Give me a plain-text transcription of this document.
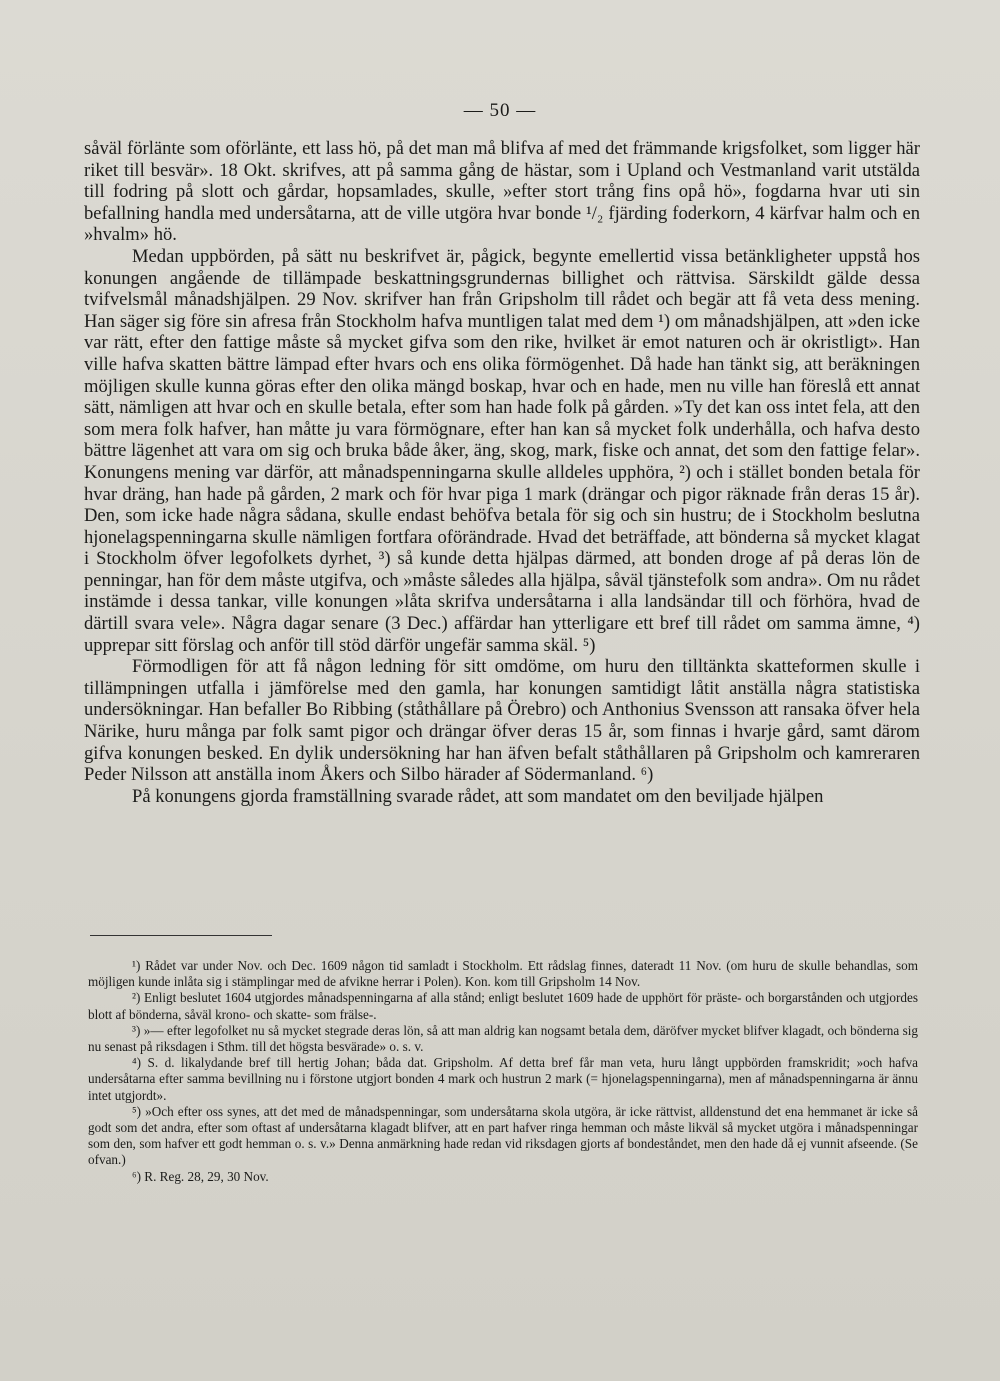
— 50 —

såväl förlänte som oförlänte, ett lass hö, på det man må blifva af med det främmande krigsfolket, som ligger här riket till besvär». 18 Okt. skrifves, att på samma gång de hästar, som i Upland och Vestmanland varit utstälda till fodring på slott och gårdar, hopsamlades, skulle, »efter stort trång fins opå hö», fogdarna hvar uti sin befallning handla med undersåtarna, att de ville utgöra hvar bonde ¹/₂ fjärding foderkorn, 4 kärfvar halm och en »hvalm» hö.

Medan uppbörden, på sätt nu beskrifvet är, pågick, begynte emellertid vissa betänkligheter uppstå hos konungen angående de tillämpade beskattningsgrundernas billighet och rättvisa. Särskildt gälde dessa tvifvelsmål månadshjälpen. 29 Nov. skrifver han från Gripsholm till rådet och begär att få veta dess mening. Han säger sig före sin afresa från Stockholm hafva muntligen talat med dem ¹) om månadshjälpen, att »den icke var rätt, efter den fattige måste så mycket gifva som den rike, hvilket är emot naturen och är okristligt». Han ville hafva skatten bättre lämpad efter hvars och ens olika förmögenhet. Då hade han tänkt sig, att beräkningen möjligen skulle kunna göras efter den olika mängd boskap, hvar och en hade, men nu ville han föreslå ett annat sätt, nämligen att hvar och en skulle betala, efter som han hade folk på gården. »Ty det kan oss intet fela, att den som mera folk hafver, han måtte ju vara förmögnare, efter han kan så mycket folk underhålla, och hafva desto bättre lägenhet att vara om sig och bruka både åker, äng, skog, mark, fiske och annat, det som den fattige felar». Konungens mening var därför, att månadspenningarna skulle alldeles upphöra, ²) och i stället bonden betala för hvar dräng, han hade på gården, 2 mark och för hvar piga 1 mark (drängar och pigor räknade från deras 15 år). Den, som icke hade några sådana, skulle endast behöfva betala för sig och sin hustru; de i Stockholm beslutna hjonelagspenningarna skulle nämligen fortfara oförändrade. Hvad det beträffade, att bönderna så mycket klagat i Stockholm öfver legofolkets dyrhet, ³) så kunde detta hjälpas därmed, att bonden droge af på deras lön de penningar, han för dem måste utgifva, och »måste således alla hjälpa, såväl tjänstefolk som andra». Om nu rådet instämde i dessa tankar, ville konungen »låta skrifva undersåtarna i alla landsändar till och förhöra, hvad de därtill svara vele». Några dagar senare (3 Dec.) affärdar han ytterligare ett bref till rådet om samma ämne, ⁴) upprepar sitt förslag och anför till stöd därför ungefär samma skäl. ⁵)

Förmodligen för att få någon ledning för sitt omdöme, om huru den tilltänkta skatteformen skulle i tillämpningen utfalla i jämförelse med den gamla, har konungen samtidigt låtit anställa några statistiska undersökningar. Han befaller Bo Ribbing (ståthållare på Örebro) och Anthonius Svensson att ransaka öfver hela Närike, huru många par folk samt pigor och drängar öfver deras 15 år, som finnas i hvarje gård, samt därom gifva konungen besked. En dylik undersökning har han äfven befalt ståthållaren på Gripsholm och kamreraren Peder Nilsson att anställa inom Åkers och Silbo härader af Södermanland. ⁶)

På konungens gjorda framställning svarade rådet, att som mandatet om den beviljade hjälpen

¹) Rådet var under Nov. och Dec. 1609 någon tid samladt i Stockholm. Ett rådslag finnes, dateradt 11 Nov. (om huru de skulle behandlas, som möjligen kunde inlåta sig i stämplingar med de afvikne herrar i Polen). Kon. kom till Gripsholm 14 Nov.

²) Enligt beslutet 1604 utgjordes månadspenningarna af alla stånd; enligt beslutet 1609 hade de upphört för präste- och borgarstånden och utgjordes blott af bönderna, såväl krono- och skatte- som frälse-.

³) »— efter legofolket nu så mycket stegrade deras lön, så att man aldrig kan nogsamt betala dem, däröfver mycket blifver klagadt, och bönderna sig nu senast på riksdagen i Sthm. till det högsta besvärade» o. s. v.

⁴) S. d. likalydande bref till hertig Johan; båda dat. Gripsholm. Af detta bref får man veta, huru långt uppbörden framskridit; »och hafva undersåtarna efter samma bevillning nu i förstone utgjort bonden 4 mark och hustrun 2 mark (= hjonelagspenningarna), men af månadspenningarna är ännu intet utgjordt».

⁵) »Och efter oss synes, att det med de månadspenningar, som undersåtarna skola utgöra, är icke rättvist, alldenstund det ena hemmanet är icke så godt som det andra, efter som oftast af undersåtarna klagadt blifver, att en part hafver ringa hemman och måste likväl så mycket utgöra i månadspenningar som den, som hafver ett godt hemman o. s. v.» Denna anmärkning hade redan vid riksdagen gjorts af bondeståndet, men den hade då ej vunnit afseende. (Se ofvan.)

⁶) R. Reg. 28, 29, 30 Nov.
